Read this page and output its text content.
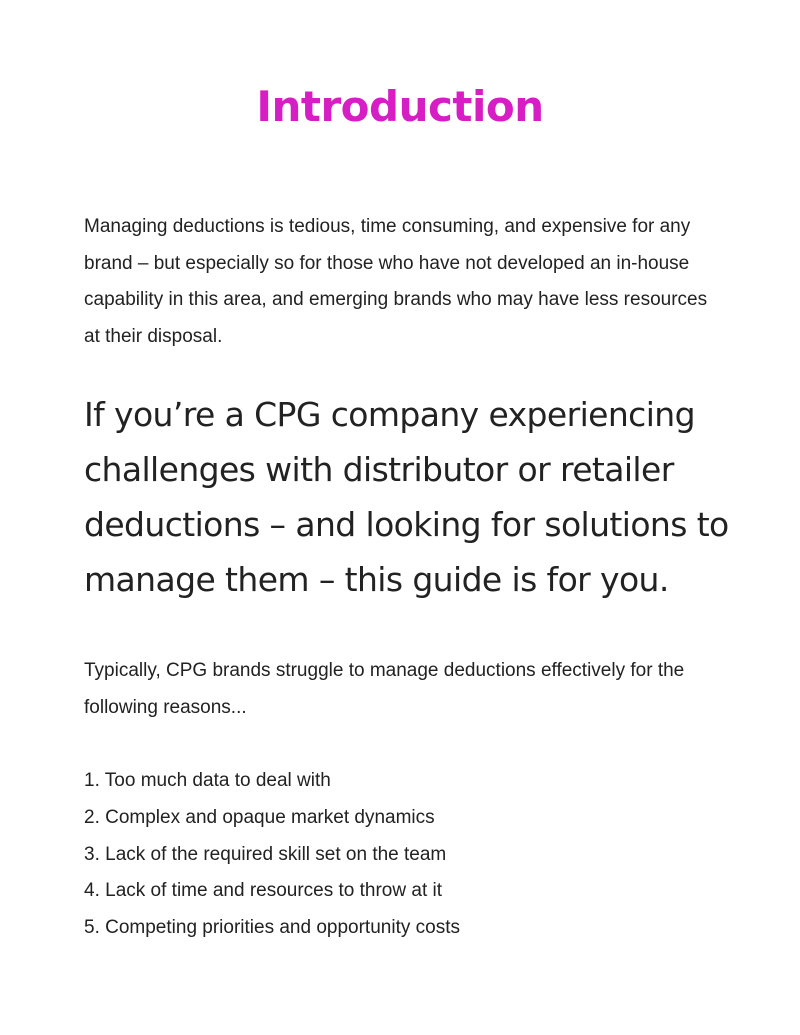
Introduction

Managing deductions is tedious, time consuming, and expensive for any brand – but especially so for those who have not developed an in-house capability in this area, and emerging brands who may have less resources at their disposal.

If you’re a CPG company experiencing challenges with distributor or retailer deductions – and looking for solutions to manage them – this guide is for you.

Typically, CPG brands struggle to manage deductions effectively for the following reasons...

1. Too much data to deal with
2. Complex and opaque market dynamics
3. Lack of the required skill set on the team
4. Lack of time and resources to throw at it
5. Competing priorities and opportunity costs
